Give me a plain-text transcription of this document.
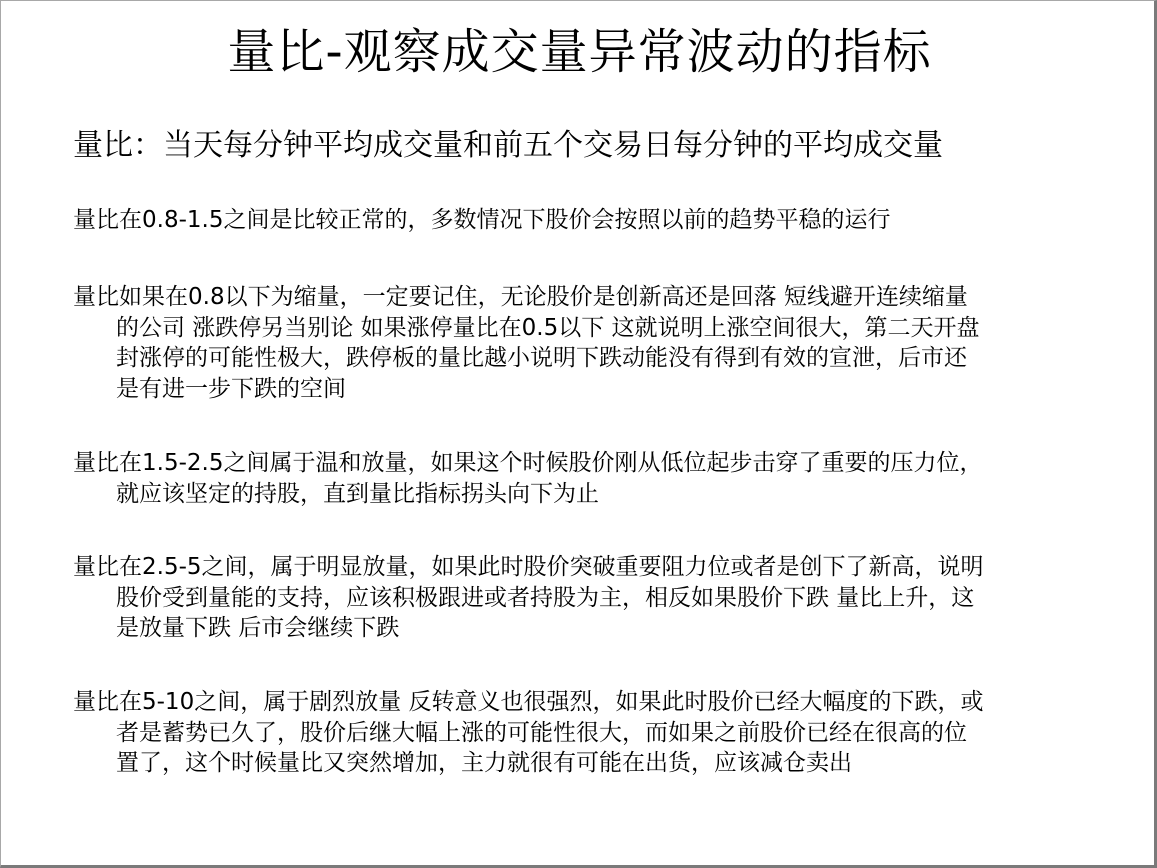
量比-观察成交量异常波动的指标
量比：当天每分钟平均成交量和前五个交易日每分钟的平均成交量
量比在0.8-1.5之间是比较正常的，多数情况下股价会按照以前的趋势平稳的运行
量比如果在0.8以下为缩量，一定要记住，无论股价是创新高还是回落 短线避开连续缩量
的公司 涨跌停另当别论 如果涨停量比在0.5以下 这就说明上涨空间很大，第二天开盘
封涨停的可能性极大，跌停板的量比越小说明下跌动能没有得到有效的宣泄，后市还
是有进一步下跌的空间
量比在1.5-2.5之间属于温和放量，如果这个时候股价刚从低位起步击穿了重要的压力位，
就应该坚定的持股，直到量比指标拐头向下为止
量比在2.5-5之间，属于明显放量，如果此时股价突破重要阻力位或者是创下了新高，说明
股价受到量能的支持，应该积极跟进或者持股为主，相反如果股价下跌 量比上升，这
是放量下跌 后市会继续下跌
量比在5-10之间，属于剧烈放量 反转意义也很强烈，如果此时股价已经大幅度的下跌，或
者是蓄势已久了，股价后继大幅上涨的可能性很大，而如果之前股价已经在很高的位
置了，这个时候量比又突然增加，主力就很有可能在出货，应该减仓卖出
